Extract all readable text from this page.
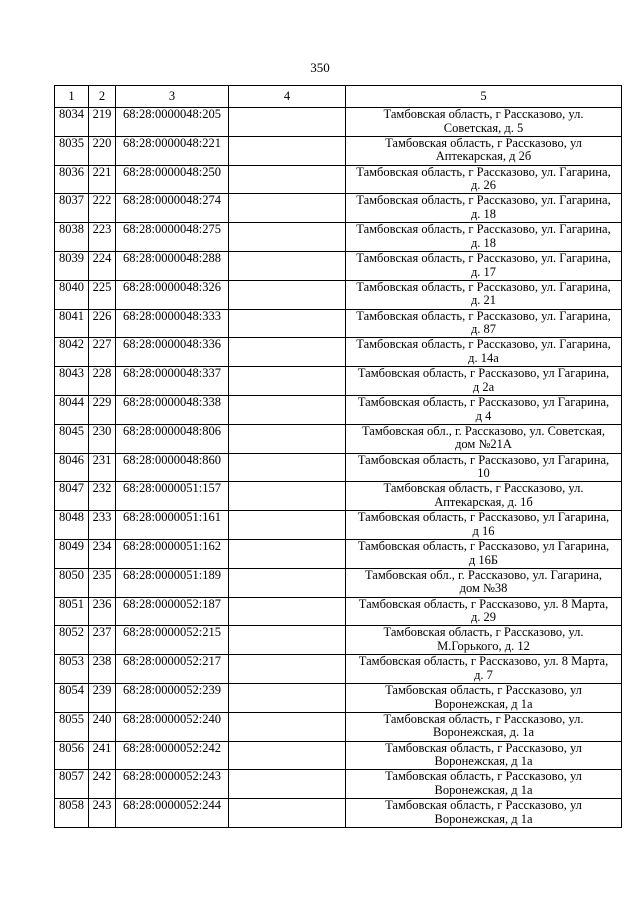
350
1	2	3	4	5
8034	219	68:28:0000048:205		Тамбовская область, г Рассказово, ул.
Советская, д. 5

8035	220	68:28:0000048:221		Тамбовская область, г Рассказово, ул
Аптекарская, д 2б

8036	221	68:28:0000048:250		Тамбовская область, г Рассказово, ул. Гагарина,
д. 26

8037	222	68:28:0000048:274		Тамбовская область, г Рассказово, ул. Гагарина,
д. 18

8038	223	68:28:0000048:275		Тамбовская область, г Рассказово, ул. Гагарина,
д. 18

8039	224	68:28:0000048:288		Тамбовская область, г Рассказово, ул. Гагарина,
д. 17

8040	225	68:28:0000048:326		Тамбовская область, г Рассказово, ул. Гагарина,
д. 21

8041	226	68:28:0000048:333		Тамбовская область, г Рассказово, ул. Гагарина,
д. 87

8042	227	68:28:0000048:336		Тамбовская область, г Рассказово, ул. Гагарина,
д. 14а

8043	228	68:28:0000048:337		Тамбовская область, г Рассказово, ул Гагарина,
д 2а

8044	229	68:28:0000048:338		Тамбовская область, г Рассказово, ул Гагарина,
д 4

8045	230	68:28:0000048:806		Тамбовская обл., г. Рассказово, ул. Советская,
дом №21А

8046	231	68:28:0000048:860		Тамбовская область, г Рассказово, ул Гагарина,
10

8047	232	68:28:0000051:157		Тамбовская область, г Рассказово, ул.
Аптекарская, д. 1б

8048	233	68:28:0000051:161		Тамбовская область, г Рассказово, ул Гагарина,
д 16

8049	234	68:28:0000051:162		Тамбовская область, г Рассказово, ул Гагарина,
д 16Б

8050	235	68:28:0000051:189		Тамбовская обл., г. Рассказово, ул. Гагарина,
дом №38

8051	236	68:28:0000052:187		Тамбовская область, г Рассказово, ул. 8 Марта,
д. 29

8052	237	68:28:0000052:215		Тамбовская область, г Рассказово, ул.
М.Горького, д. 12

8053	238	68:28:0000052:217		Тамбовская область, г Рассказово, ул. 8 Марта,
д. 7

8054	239	68:28:0000052:239		Тамбовская область, г Рассказово, ул
Воронежская, д 1а

8055	240	68:28:0000052:240		Тамбовская область, г Рассказово, ул.
Воронежская, д. 1а

8056	241	68:28:0000052:242		Тамбовская область, г Рассказово, ул
Воронежская, д 1а

8057	242	68:28:0000052:243		Тамбовская область, г Рассказово, ул
Воронежская, д 1а

8058	243	68:28:0000052:244		Тамбовская область, г Рассказово, ул
Воронежская, д 1а
